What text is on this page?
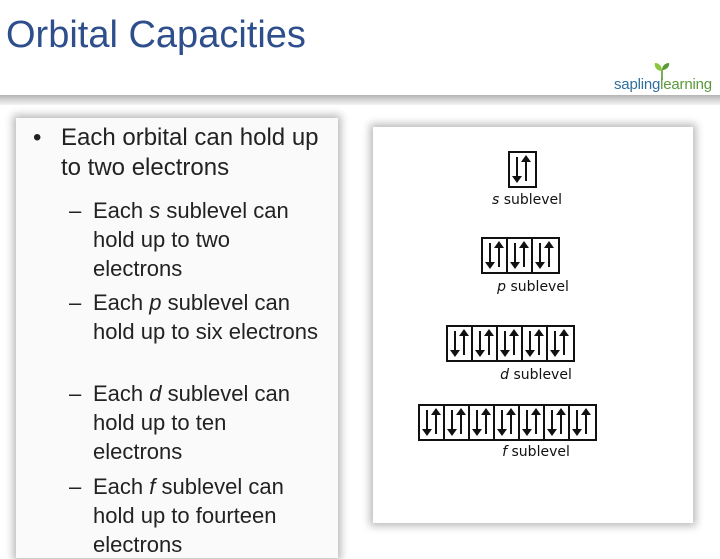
Orbital Capacities
saplinglearning
• Each orbital can hold up to two electrons
– Each s sublevel can hold up to two electrons
– Each p sublevel can hold up to six electrons
– Each d sublevel can hold up to ten electrons
– Each f sublevel can hold up to fourteen electrons
s sublevel
p sublevel
d sublevel
f sublevel
